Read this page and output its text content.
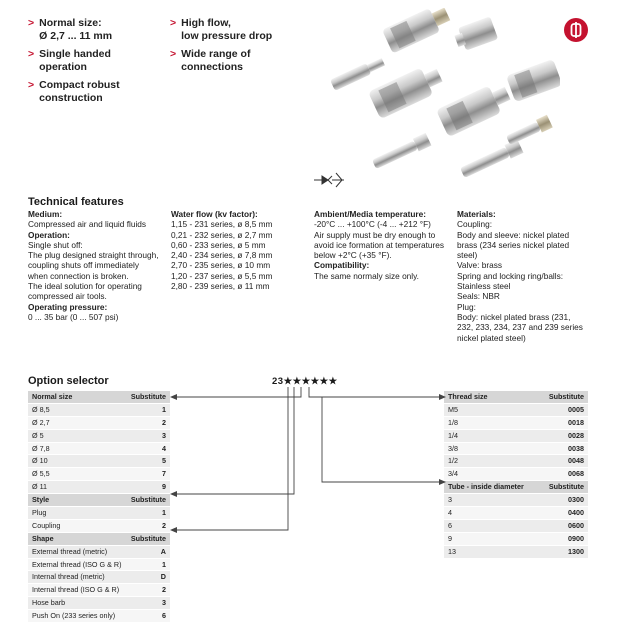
> Normal size:
Ø 2,7 ... 11 mm
> Single handed
operation
> Compact robust
construction
> High flow,
low pressure drop
> Wide range of
connections
Technical features
Medium:
Compressed air and liquid fluids
Operation:
Single shut off:
The plug designed straight through,
coupling shuts off immediately
when connection is broken.
The ideal solution for operating
compressed air tools.
Operating pressure:
0 ... 35 bar (0 ... 507 psi)
Water flow (kv factor):
1,15 - 231 series, ø 8,5 mm
0,21 - 232 series, ø 2,7 mm
0,60 - 233 series, ø 5 mm
2,40 - 234 series, ø 7,8 mm
2,70 - 235 series, ø 10 mm
1,20 - 237 series, ø 5,5 mm
2,80 - 239 series, ø 11 mm
Ambient/Media temperature:
-20°C ... +100°C (-4 ... +212 °F)
Air supply must be dry enough to
avoid ice formation at temperatures
below +2°C (+35 °F).
Compatibility:
The same normaly size only.
Materials:
Coupling:
Body and sleeve: nickel plated
brass (234 series nickel plated
steel)
Valve: brass
Spring and locking ring/balls:
Stainless steel
Seals: NBR
Plug:
Body: nickel plated brass (231,
232, 233, 234, 237 and 239 series
nickel plated steel)
Option selector	23★★★★★★
Normal size	Substitute
Ø 8,5	1
Ø 2,7	2
Ø 5	3
Ø 7,8	4
Ø 10	5
Ø 5,5	7
Ø 11	9
Style	Substitute
Plug	1
Coupling	2
Shape	Substitute
External thread (metric)	A
External thread (ISO G & R)	1
Internal thread (metric)	D
Internal thread (ISO G & R)	2
Hose barb	3
Push On (233 series only)	6
Thread size	Substitute
M5	0005
1/8	0018
1/4	0028
3/8	0038
1/2	0048
3/4	0068
Tube - inside diameter	Substitute
3	0300
4	0400
6	0600
9	0900
13	1300
